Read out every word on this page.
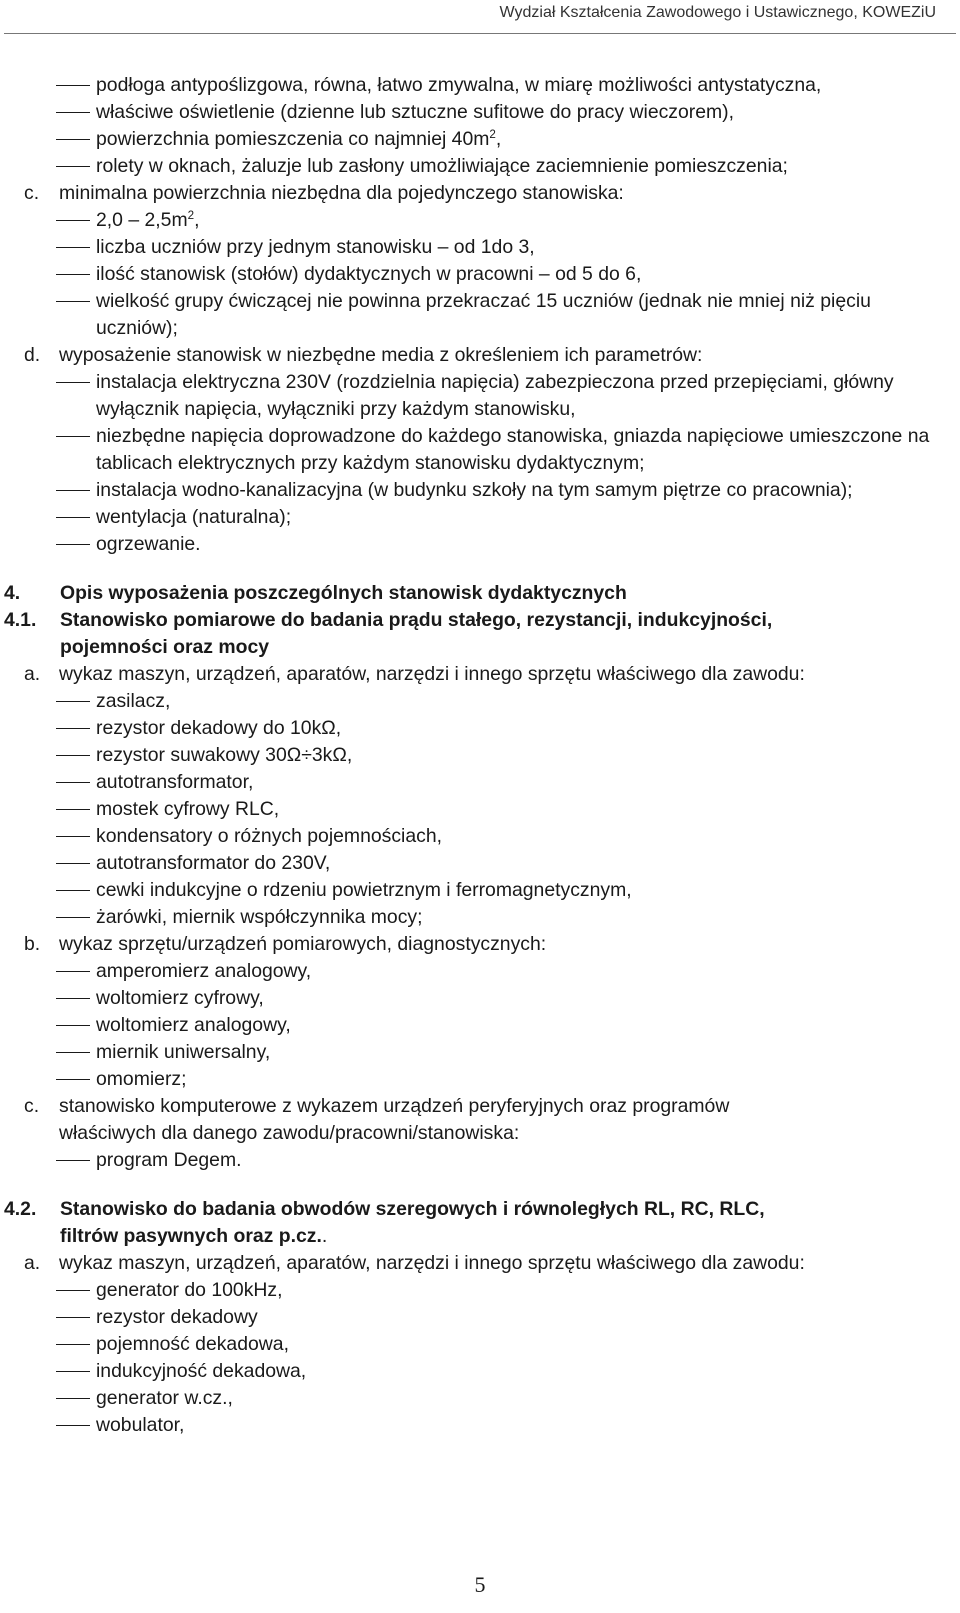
Wydział Kształcenia Zawodowego i Ustawicznego, KOWEZiU
podłoga antypoślizgowa, równa, łatwo zmywalna, w miarę możliwości antystatyczna,
właściwe oświetlenie (dzienne lub sztuczne sufitowe do pracy wieczorem),
powierzchnia pomieszczenia co najmniej $40m^2$,
rolety w oknach, żaluzje lub zasłony umożliwiające zaciemnienie pomieszczenia;
c.	minimalna powierzchnia niezbędna dla pojedynczego stanowiska:
$2,0 - 2,5m^2$,
liczba uczniów przy jednym stanowisku – od 1do 3,
ilość stanowisk (stołów) dydaktycznych w pracowni – od 5 do 6,
wielkość grupy ćwiczącej nie powinna przekraczać 15 uczniów (jednak nie mniej niż pięciu uczniów);
d. wyposażenie stanowisk w niezbędne media z określeniem ich parametrów:
instalacja elektryczna 230V (rozdzielnia napięcia) zabezpieczona przed przepięciami, główny wyłącznik napięcia, wyłączniki przy każdym stanowisku,
niezbędne napięcia doprowadzone do każdego stanowiska, gniazda napięciowe umieszczone na tablicach elektrycznych przy każdym stanowisku dydaktycznym;
instalacja wodno-kanalizacyjna (w budynku szkoły na tym samym piętrze co pracownia);
wentylacja (naturalna);
ogrzewanie.
4.	Opis wyposażenia poszczególnych stanowisk dydaktycznych
4.1.	Stanowisko pomiarowe do badania prądu stałego, rezystancji, indukcyjności,
pojemności oraz mocy
a. wykaz maszyn, urządzeń, aparatów, narzędzi i innego sprzętu właściwego dla zawodu:
zasilacz,
rezystor dekadowy do 10kΩ,
rezystor suwakowy 30Ω÷3kΩ,
autotransformator,
mostek cyfrowy RLC,
kondensatory o różnych pojemnościach,
autotransformator do 230V,
cewki indukcyjne o rdzeniu powietrznym i ferromagnetycznym,
żarówki, miernik współczynnika mocy;
b. wykaz sprzętu/urządzeń pomiarowych, diagnostycznych:
amperomierz analogowy,
woltomierz cyfrowy,
woltomierz analogowy,
miernik uniwersalny,
omomierz;
c.	stanowisko komputerowe z wykazem urządzeń peryferyjnych oraz programów
właściwych dla danego zawodu/pracowni/stanowiska:
program Degem.
4.2.	Stanowisko do badania obwodów szeregowych i równoległych RL, RC, RLC,
filtrów pasywnych oraz p.cz..
a. wykaz maszyn, urządzeń, aparatów, narzędzi i innego sprzętu właściwego dla zawodu:
generator do 100kHz,
rezystor dekadowy
pojemność dekadowa,
indukcyjność dekadowa,
generator w.cz.,
wobulator,
5
